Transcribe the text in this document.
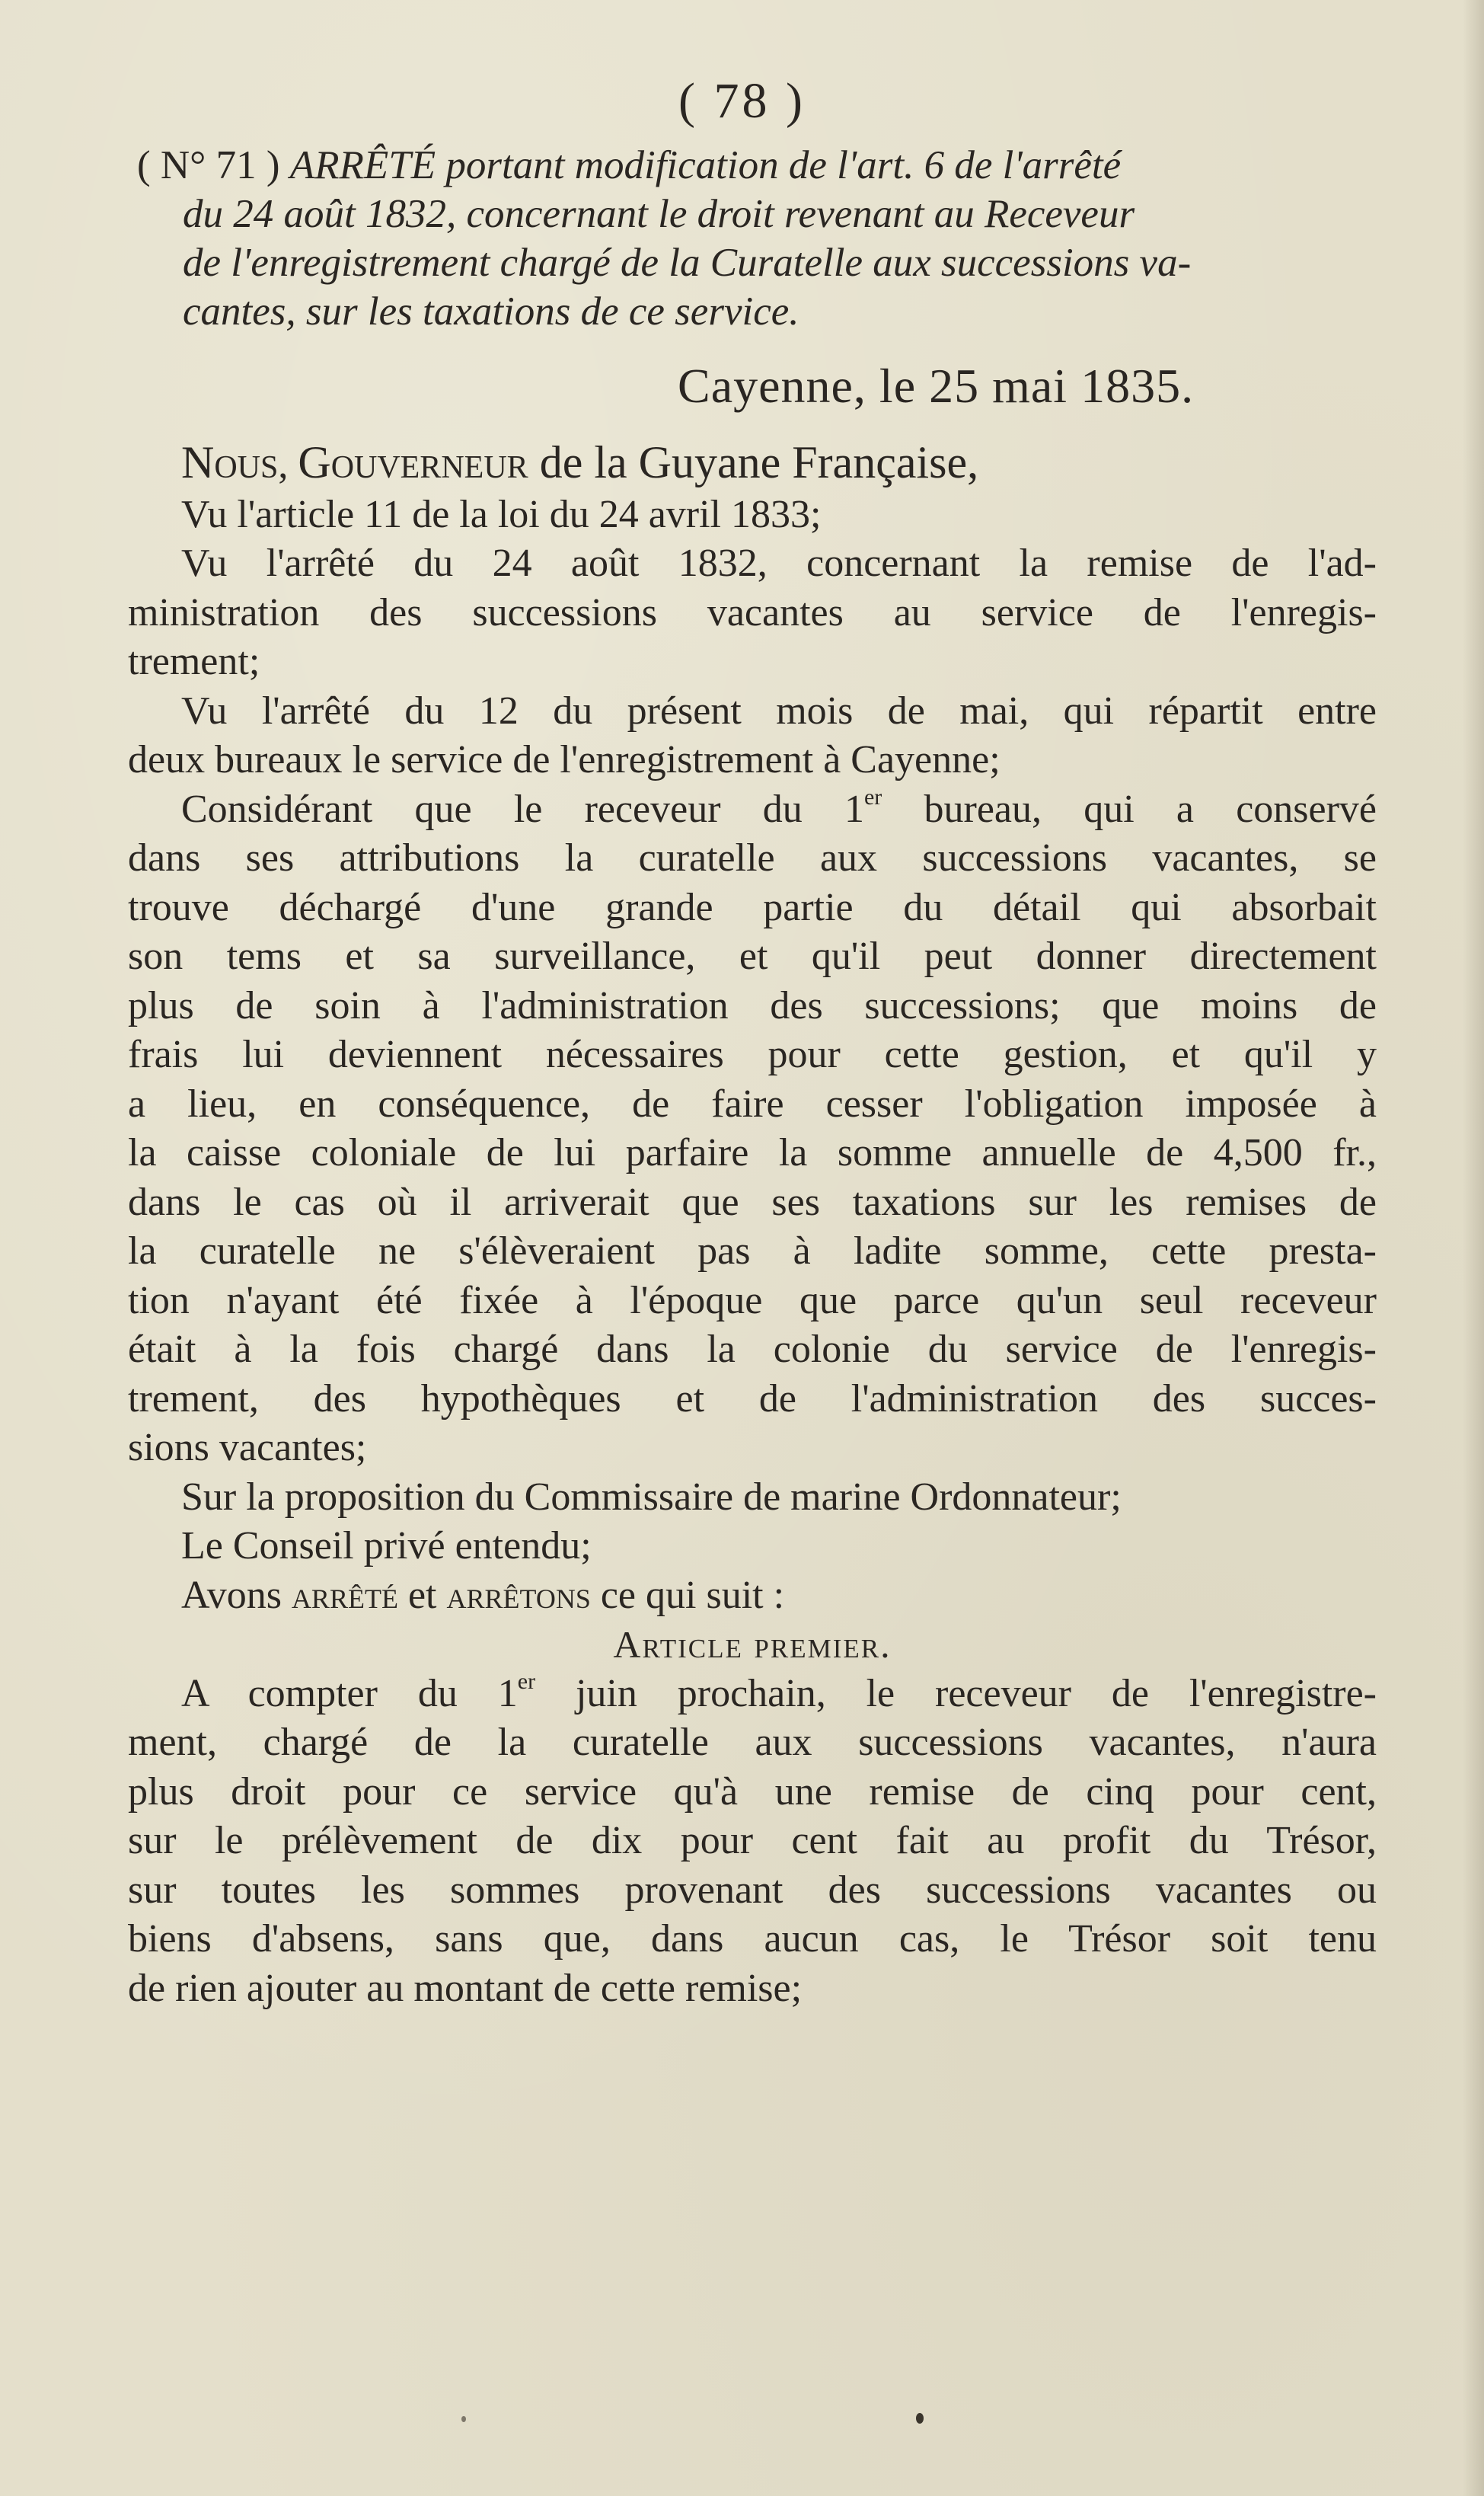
( 78 )
( N° 71 ) ARRÊTÉ portant modification de l'art. 6 de l'arrêté
du 24 août 1832, concernant le droit revenant au Receveur
de l'enregistrement chargé de la Curatelle aux successions va-
cantes, sur les taxations de ce service.
Cayenne, le 25 mai 1835.
Nous, Gouverneur de la Guyane Française,
Vu l'article 11 de la loi du 24 avril 1833;
Vu l'arrêté du 24 août 1832, concernant la remise de l'ad-
ministration des successions vacantes au service de l'enregis-
trement;
Vu l'arrêté du 12 du présent mois de mai, qui répartit entre
deux bureaux le service de l'enregistrement à Cayenne;
Considérant que le receveur du 1er bureau, qui a conservé
dans ses attributions la curatelle aux successions vacantes, se
trouve déchargé d'une grande partie du détail qui absorbait
son tems et sa surveillance, et qu'il peut donner directement
plus de soin à l'administration des successions; que moins de
frais lui deviennent nécessaires pour cette gestion, et qu'il y
a lieu, en conséquence, de faire cesser l'obligation imposée à
la caisse coloniale de lui parfaire la somme annuelle de 4,500 fr.,
dans le cas où il arriverait que ses taxations sur les remises de
la curatelle ne s'élèveraient pas à ladite somme, cette presta-
tion n'ayant été fixée à l'époque que parce qu'un seul receveur
était à la fois chargé dans la colonie du service de l'enregis-
trement, des hypothèques et de l'administration des succes-
sions vacantes;
Sur la proposition du Commissaire de marine Ordonnateur;
Le Conseil privé entendu;
Avons arrêté et arrêtons ce qui suit :
Article premier.
A compter du 1er juin prochain, le receveur de l'enregistre-
ment, chargé de la curatelle aux successions vacantes, n'aura
plus droit pour ce service qu'à une remise de cinq pour cent,
sur le prélèvement de dix pour cent fait au profit du Trésor,
sur toutes les sommes provenant des successions vacantes ou
biens d'absens, sans que, dans aucun cas, le Trésor soit tenu
de rien ajouter au montant de cette remise;
